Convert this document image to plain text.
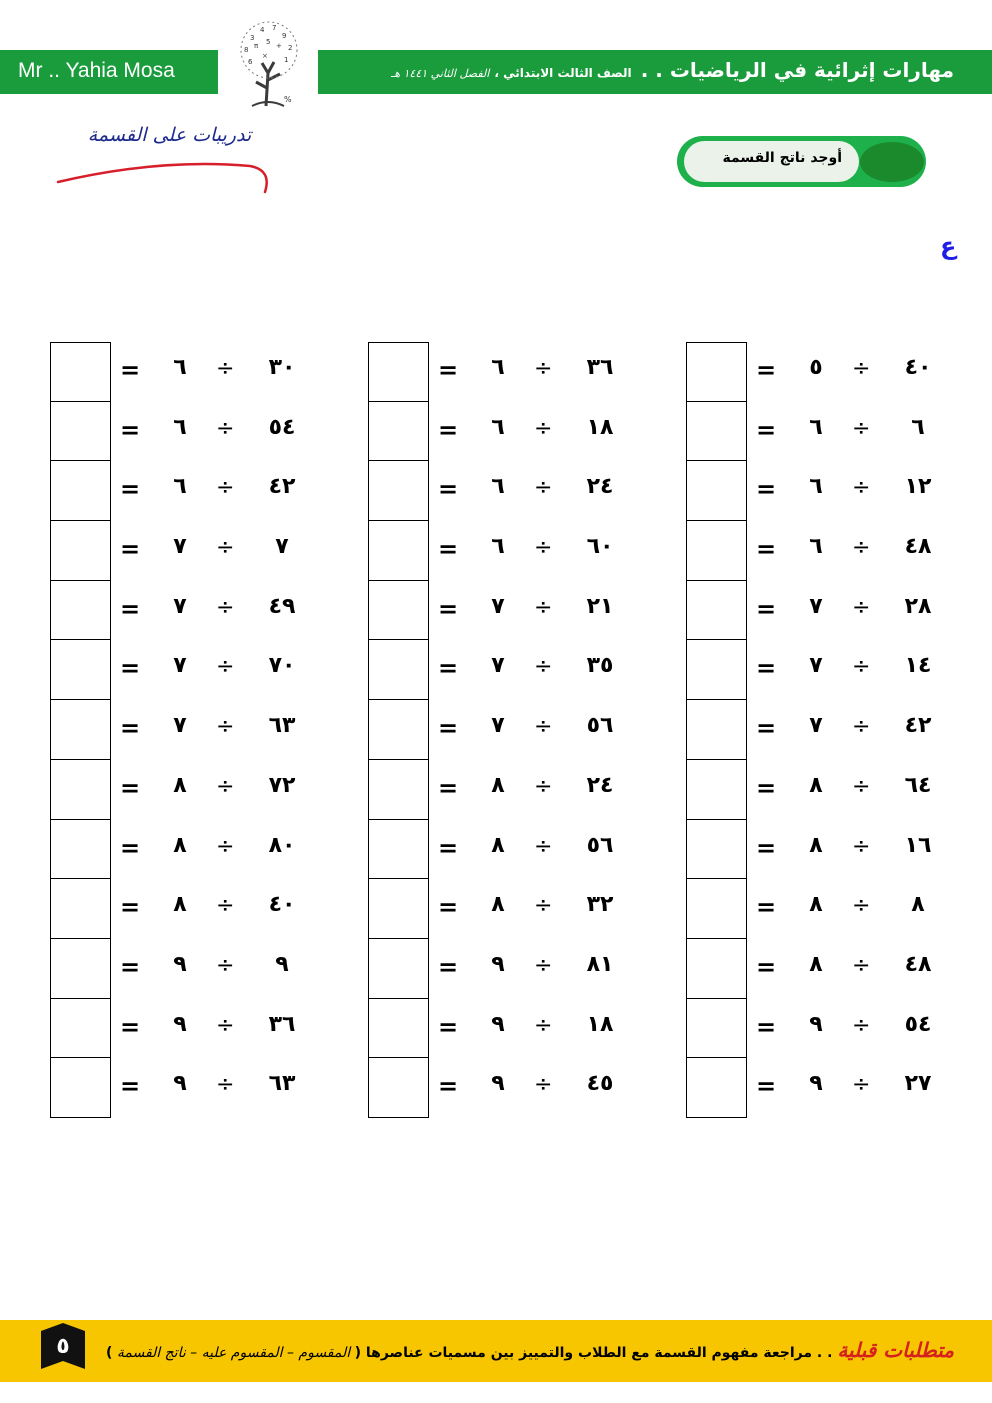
Mr .. Yahia Mosa
3
4 7
9
2
8 π 5 +
6	1
×
%
مهارات إثرائية في الرياضيات . . الصف الثالث الابتدائي ، الفصل الثاني ١٤٤١ هـ
تدريبات على القسمة
أوجد ناتج القسمة
ع
=	٥	÷	٤٠
=	٦	÷	٦
=	٦	÷	١٢
=	٦	÷	٤٨
=	٧	÷	٢٨
=	٧	÷	١٤
=	٧	÷	٤٢
=	٨	÷	٦٤
=	٨	÷	١٦
=	٨	÷	٨
=	٨	÷	٤٨
=	٩	÷	٥٤
=	٩	÷	٢٧
=	٦	÷	٣٦
=	٦	÷	١٨
=	٦	÷	٢٤
=	٦	÷	٦٠
=	٧	÷	٢١
=	٧	÷	٣٥
=	٧	÷	٥٦
=	٨	÷	٢٤
=	٨	÷	٥٦
=	٨	÷	٣٢
=	٩	÷	٨١
=	٩	÷	١٨
=	٩	÷	٤٥
=	٦	÷	٣٠
=	٦	÷	٥٤
=	٦	÷	٤٢
=	٧	÷	٧
=	٧	÷	٤٩
=	٧	÷	٧٠
=	٧	÷	٦٣
=	٨	÷	٧٢
=	٨	÷	٨٠
=	٨	÷	٤٠
=	٩	÷	٩
=	٩	÷	٣٦
=	٩	÷	٦٣
٥	متطلبات قبلية . . مراجعة مفهوم القسمة مع الطلاب والتمييز بين مسميات عناصرها ( المقسوم – المقسوم عليه – ناتج القسمة )
